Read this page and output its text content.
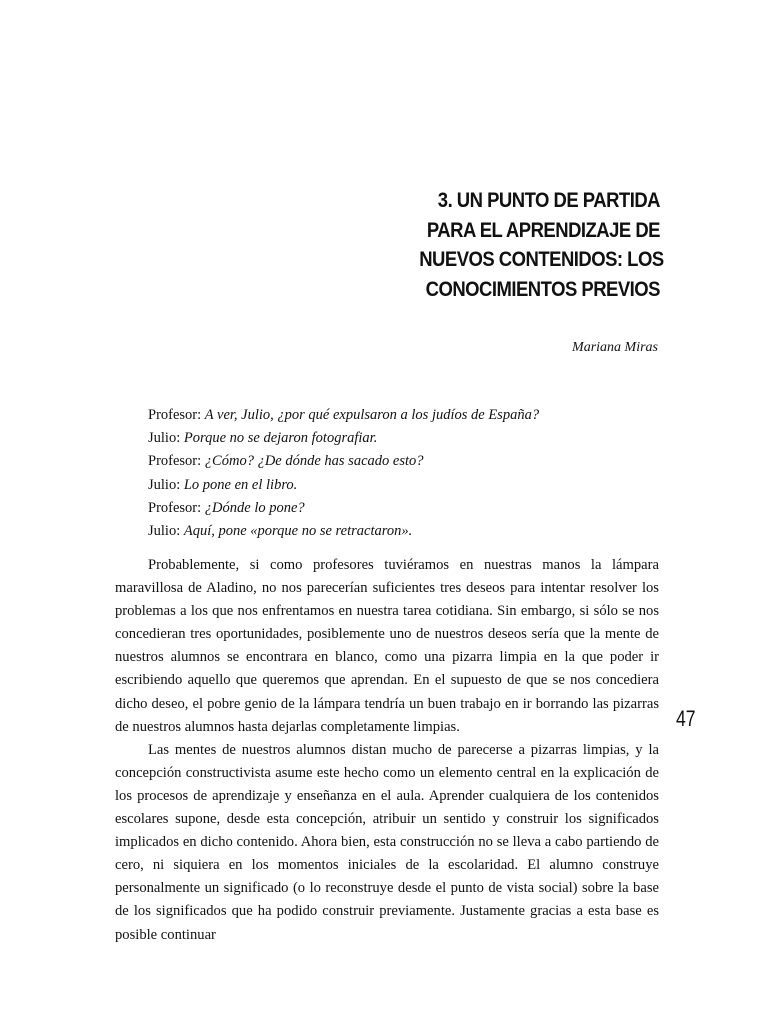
3. UN PUNTO DE PARTIDA
PARA EL APRENDIZAJE DE
NUEVOS CONTENIDOS: LOS
CONOCIMIENTOS PREVIOS

Mariana Miras

Profesor: A ver, Julio, ¿por qué expulsaron a los judíos de España?
Julio: Porque no se dejaron fotografiar.
Profesor: ¿Cómo? ¿De dónde has sacado esto?
Julio: Lo pone en el libro.
Profesor: ¿Dónde lo pone?
Julio: Aquí, pone «porque no se retractaron».

Probablemente, si como profesores tuviéramos en nuestras manos la lámpara maravillosa de Aladino, no nos parecerían suficientes tres deseos para intentar resolver los problemas a los que nos enfrentamos en nuestra tarea cotidiana. Sin embargo, si sólo se nos concedieran tres oportunidades, posiblemente uno de nuestros deseos sería que la mente de nuestros alumnos se encontrara en blanco, como una pizarra limpia en la que poder ir escribiendo aquello que queremos que aprendan. En el supuesto de que se nos concediera dicho deseo, el pobre genio de la lámpara tendría un buen trabajo en ir borrando las pizarras de nuestros alumnos hasta dejarlas completamente limpias.

Las mentes de nuestros alumnos distan mucho de parecerse a pizarras limpias, y la concepción constructivista asume este hecho como un elemento central en la explicación de los procesos de aprendizaje y enseñanza en el aula. Aprender cualquiera de los contenidos escolares supone, desde esta concepción, atribuir un sentido y construir los significados implicados en dicho contenido. Ahora bien, esta construcción no se lleva a cabo partiendo de cero, ni siquiera en los momentos iniciales de la escolaridad. El alumno construye personalmente un significado (o lo reconstruye desde el punto de vista social) sobre la base de los significados que ha podido construir previamente. Justamente gracias a esta base es posible continuar

47
